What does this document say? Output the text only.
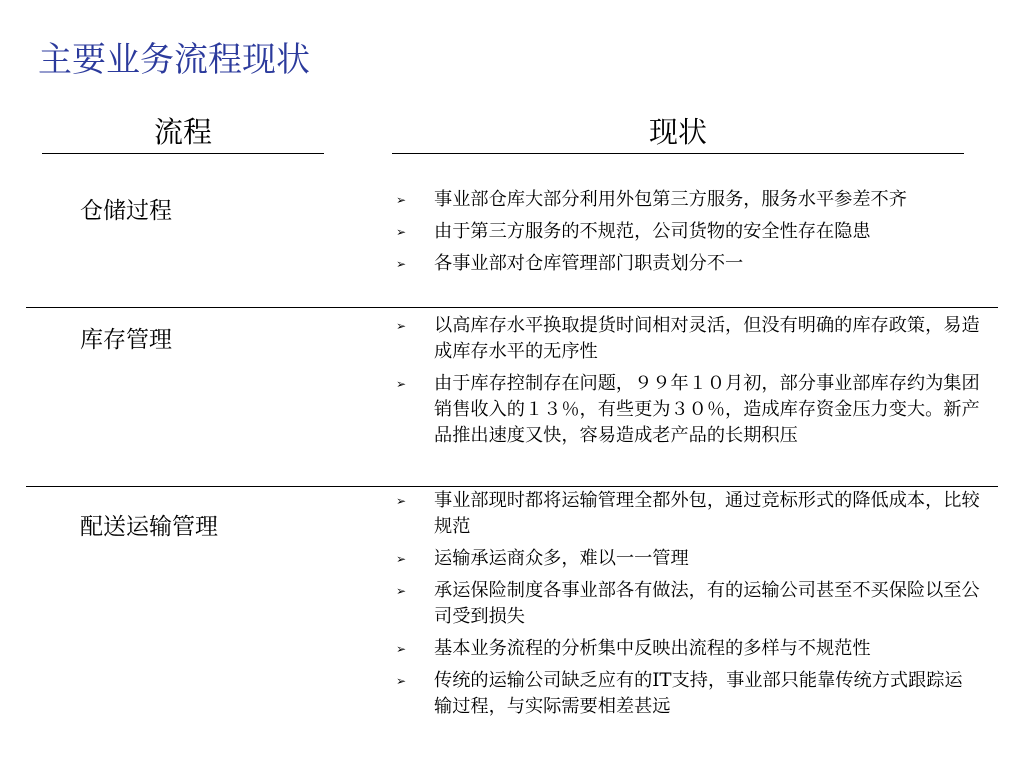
主要业务流程现状
流程	现状
仓储过程	➢ 事业部仓库大部分利用外包第三方服务，服务水平参差不齐
➢ 由于第三方服务的不规范，公司货物的安全性存在隐患
➢ 各事业部对仓库管理部门职责划分不一
库存管理
➢ 以高库存水平换取提货时间相对灵活，但没有明确的库存政策，易造成库存水平的无序性
➢ 由于库存控制存在问题，９９年１０月初，部分事业部库存约为集团销售收入的１３％，有些更为３０％，造成库存资金压力变大。新产品推出速度又快，容易造成老产品的长期积压
配送运输管理
➢ 事业部现时都将运输管理全都外包，通过竞标形式的降低成本，比较规范
➢ 运输承运商众多，难以一一管理
➢ 承运保险制度各事业部各有做法，有的运输公司甚至不买保险以至公司受到损失
➢ 基本业务流程的分析集中反映出流程的多样与不规范性
➢ 传统的运输公司缺乏应有的IT支持，事业部只能靠传统方式跟踪运输过程，与实际需要相差甚远
